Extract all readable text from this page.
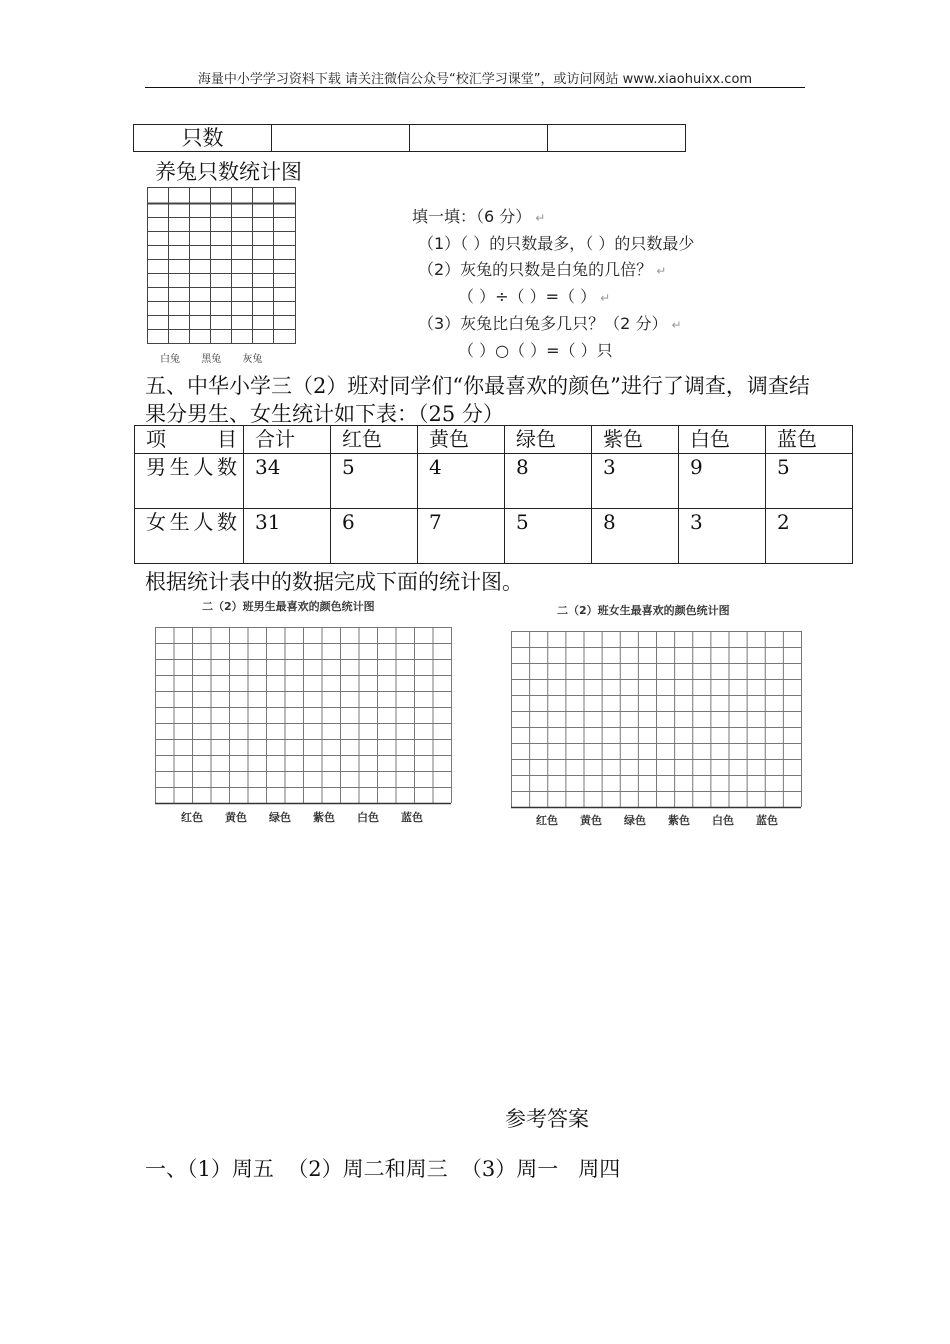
海量中小学学习资料下载 请关注微信公众号“校汇学习课堂”，或访问网站 www.xiaohuixx.com
只数			
养兔只数统计图
白兔 黑兔 灰兔
填一填：（6 分） ↵
（1）（ ）的只数最多，（ ）的只数最少
（2）灰兔的只数是白兔的几倍？ ↵
（ ）÷（ ）=（ ） ↵
（3）灰兔比白兔多几只？（2 分） ↵
（ ）○（ ）=（ ）只
五、中华小学三（2）班对同学们“你最喜欢的颜色”进行了调查，调查结果分男生、女生统计如下表：（25 分）
项目	合计	红色	黄色	绿色	紫色	白色	蓝色
男生人数	34	5	4	8	3	9	5
女生人数	31	6	7	5	8	3	2
根据统计表中的数据完成下面的统计图。
二（2）班男生最喜欢的颜色统计图
红色 黄色 绿色 紫色 白色 蓝色
二（2）班女生最喜欢的颜色统计图
红色 黄色 绿色 紫色 白色 蓝色
参考答案
一、（1）周五  （2）周二和周三  （3）周一   周四
